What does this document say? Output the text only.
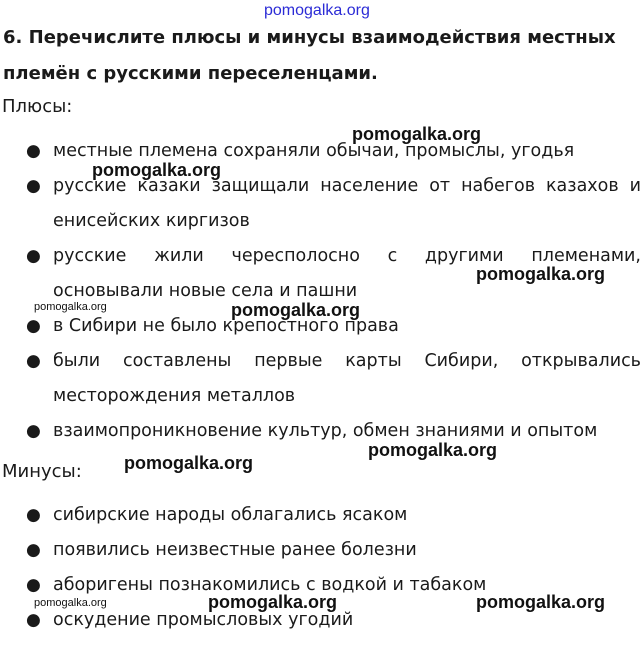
pomogalka.org
6. Перечислите плюсы и минусы взаимодействия местных
племён с русскими переселенцами.
Плюсы:
● местные племена сохраняли обычаи, промыслы, угодья
● русские казаки защищали население от набегов казахов и енисейских киргизов
● русские жили чересполосно с другими племенами, основывали новые села и пашни
● в Сибири не было крепостного права
● были составлены первые карты Сибири, открывались месторождения металлов
● взаимопроникновение культур, обмен знаниями и опытом
Минусы:
● сибирские народы облагались ясаком
● появились неизвестные ранее болезни
● аборигены познакомились с водкой и табаком
● оскудение промысловых угодий
pomogalka.org
pomogalka.org
pomogalka.org
pomogalka.org	pomogalka.org
pomogalka.org
pomogalka.org
pomogalka.org	pomogalka.org	pomogalka.org
